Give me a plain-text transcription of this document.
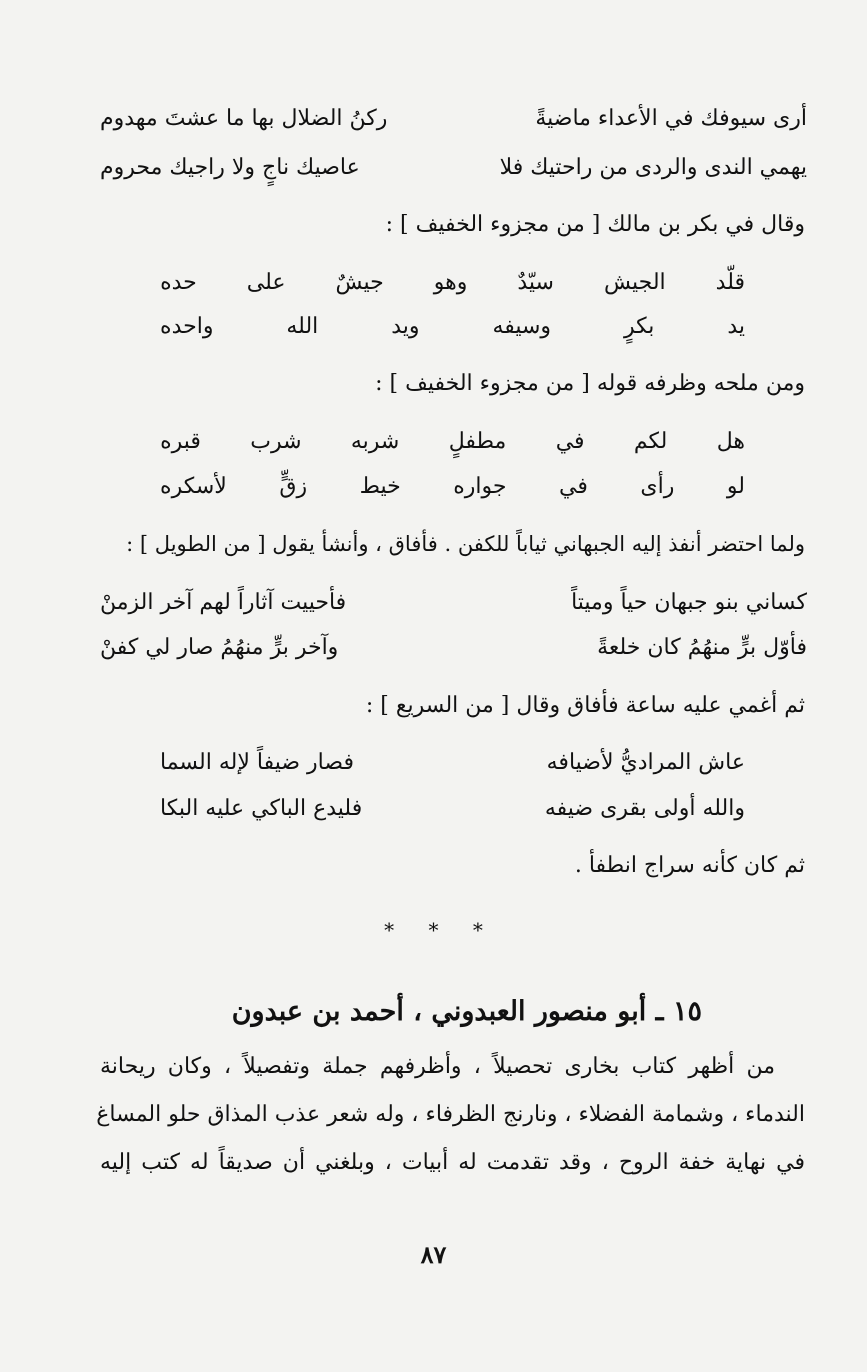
أرى سيوفك في الأعداء ماضيةً
ركنُ الضلال بها ما عشتَ مهدوم
يهمي الندى والردى من راحتيك فلا
عاصيك ناجٍ ولا راجيك محروم
وقال في بكر بن مالك [ من مجزوء الخفيف ] :
قلّد
الجيش
سيّدٌ
وهو
جيشٌ
على
حده
يد
بكرٍ
وسيفه
ويد
الله
واحده
ومن ملحه وظرفه قوله [ من مجزوء الخفيف ] :
هل
لكم
في
مطفلٍ
شربه
شرب
قبره
لو
رأى
في
جواره
خيط
زقٍّ
لأسكره
ولما احتضر أنفذ إليه الجبهاني ثياباً للكفن . فأفاق ، وأنشأ يقول [ من الطويل ] :
كساني بنو جبهان حياً وميتاً
فأحييت آثاراً لهم آخر الزمنْ
فأوّل برٍّ منهُمُ كان خلعةً
وآخر برٍّ منهُمُ صار لي كفنْ
ثم أغمي عليه ساعة فأفاق وقال [ من السريع ] :
عاش المراديُّ لأضيافه
فصار ضيفاً لإله السما
والله أولى بقرى ضيفه
فليدع الباكي عليه البكا
ثم كان كأنه سراج انطفأ .
* * *
١٥ ـ أبو منصور العبدوني ، أحمد بن عبدون
من أظهر كتاب بخارى تحصيلاً ، وأظرفهم جملة وتفصيلاً ، وكان ريحانة
الندماء ، وشمامة الفضلاء ، ونارنج الظرفاء ، وله شعر عذب المذاق حلو المساغ
في نهاية خفة الروح ، وقد تقدمت له أبيات ، وبلغني أن صديقاً له كتب إليه
٨٧
